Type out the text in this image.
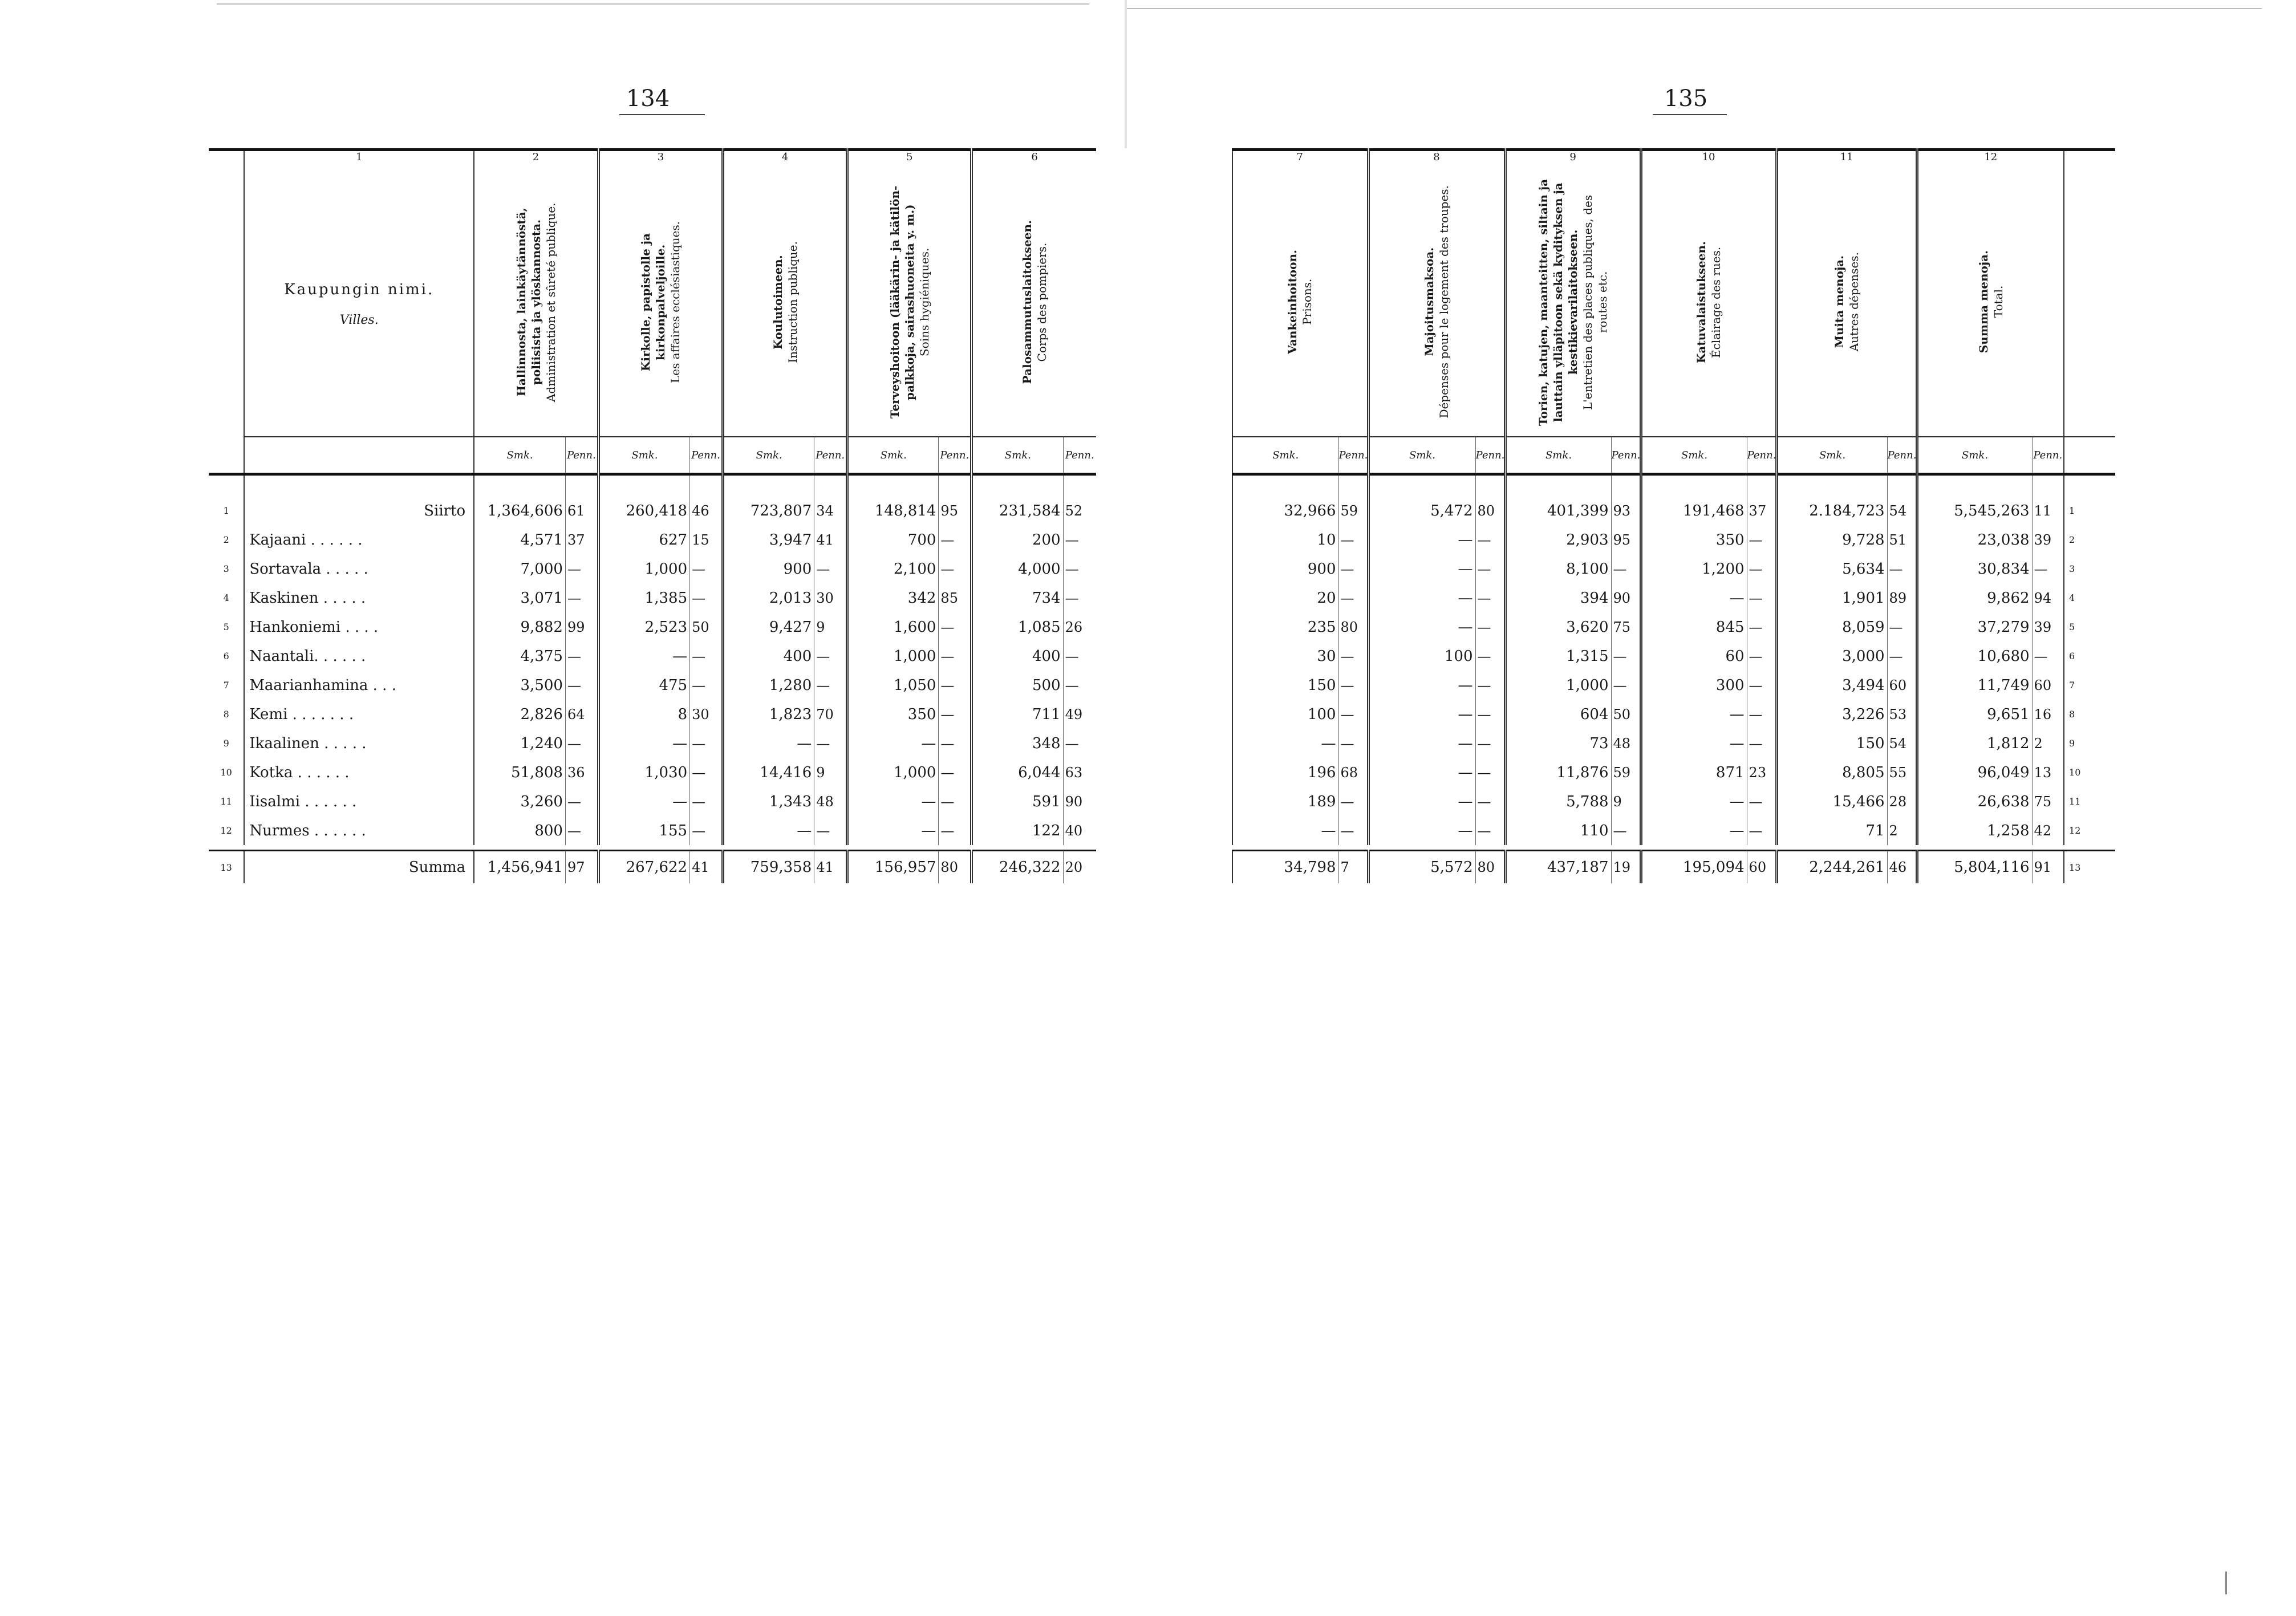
134	135
	1	2		3		4		5		6	

	Kaupungin nimi.
Villes.	Hallinnosta, lainkäytännöstä, poliisista ja ylöskannosta. Administration et sûreté publique.		Kirkolle, papistolle ja kirkonpalveljoille. Les affaires ecclésiastiques.		Koulutoimeen. Instruction publique.		Terveyshoitoon (lääkärin- ja kätilön-palkkoja, sairashuoneita y. m.) Soins hygiéniques.		Palosammutuslaitokseen. Corps des pompiers.	

		Smk.	Penn.	Smk.	Penn.	Smk.	Penn.	Smk.	Penn.	Smk.	Penn.

1	Siirto	1,364,606	61	260,418	46	723,807	34	148,814	95	231,584	52
2	Kajaani . . . . . .	4,571	37	627	15	3,947	41	700	—	200	—
3	Sortavala . . . . .	7,000	—	1,000	—	900	—	2,100	—	4,000	—
4	Kaskinen . . . . .	3,071	—	1,385	—	2,013	30	342	85	734	—
5	Hankoniemi . . . .	9,882	99	2,523	50	9,427	9	1,600	—	1,085	26
6	Naantali. . . . . .	4,375	—	—	—	400	—	1,000	—	400	—
7	Maarianhamina . . .	3,500	—	475	—	1,280	—	1,050	—	500	—
8	Kemi . . . . . . .	2,826	64	8	30	1,823	70	350	—	711	49
9	Ikaalinen . . . . .	1,240	—	—	—	—	—	—	—	348	—
10	Kotka . . . . . .	51,808	36	1,030	—	14,416	9	1,000	—	6,044	63
11	Iisalmi . . . . . .	3,260	—	—	—	1,343	48	—	—	591	90
12	Nurmes . . . . . .	800	—	155	—	—	—	—	—	122	40

13	Summa	1,456,941	97	267,622	41	759,358	41	156,957	80	246,322	20
7		8		9		10		11		12		

Vankeinhoitoon. Prisons.		Majoitusmaksoa. Dépenses pour le logement des troupes.		Torien, katujen, maanteitten, siltain ja lauttain ylläpitoon sekä kydityksen ja kestikievarilaitokseen. L'entretien des places publiques, des routes etc.		Katuvalaistukseen. Éclairage des rues.		Muita menoja. Autres dépenses.		Summa menoja. Total.		

Smk.	Penn.	Smk.	Penn.	Smk.	Penn.	Smk.	Penn.	Smk.	Penn.	Smk.	Penn.	

32,966	59	5,472	80	401,399	93	191,468	37	2.184,723	54	5,545,263	11	1
10	—	—	—	2,903	95	350	—	9,728	51	23,038	39	2
900	—	—	—	8,100	—	1,200	—	5,634	—	30,834	—	3
20	—	—	—	394	90	—	—	1,901	89	9,862	94	4
235	80	—	—	3,620	75	845	—	8,059	—	37,279	39	5
30	—	100	—	1,315	—	60	—	3,000	—	10,680	—	6
150	—	—	—	1,000	—	300	—	3,494	60	11,749	60	7
100	—	—	—	604	50	—	—	3,226	53	9,651	16	8
—	—	—	—	73	48	—	—	150	54	1,812	2	9
196	68	—	—	11,876	59	871	23	8,805	55	96,049	13	10
189	—	—	—	5,788	9	—	—	15,466	28	26,638	75	11
—	—	—	—	110	—	—	—	71	2	1,258	42	12

34,798	7	5,572	80	437,187	19	195,094	60	2,244,261	46	5,804,116	91	13
